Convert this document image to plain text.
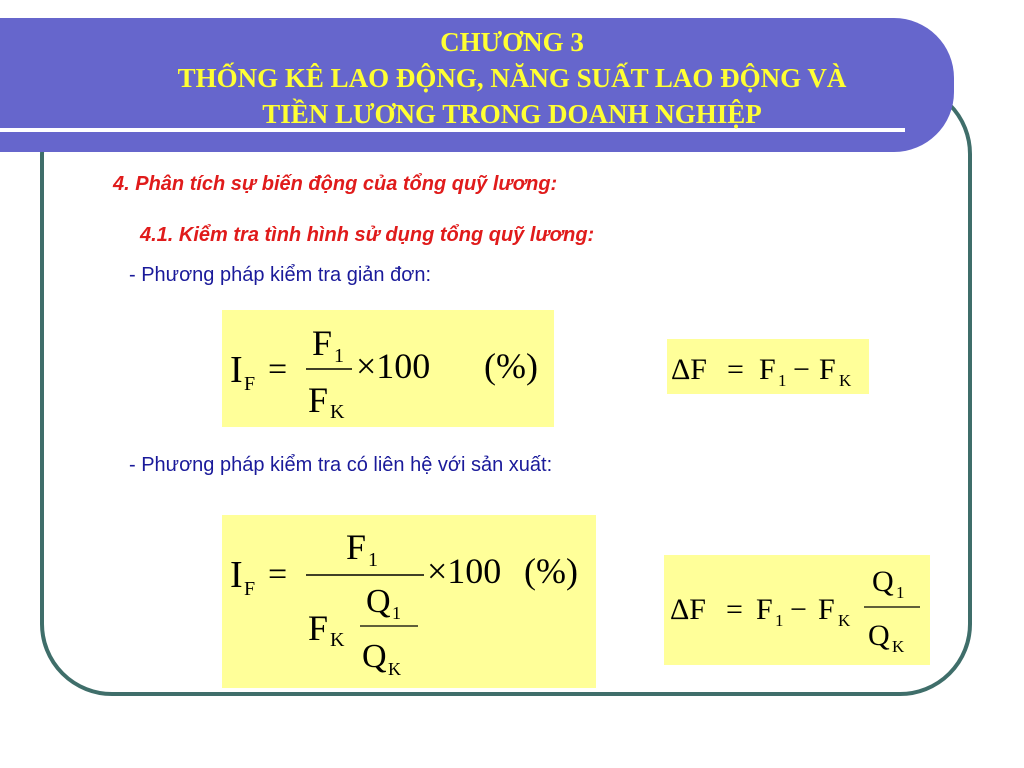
CHƯƠNG 3
THỐNG KÊ LAO ĐỘNG, NĂNG SUẤT LAO ĐỘNG VÀ
TIỀN LƯƠNG TRONG DOANH NGHIỆP
4. Phân tích sự biến động của tổng quỹ lương:
4.1. Kiểm tra tình hình sử dụng tổng quỹ lương:
- Phương pháp kiểm tra giản đơn:
- Phương pháp kiểm tra có liên hệ với sản xuất:
I F =
F 1
F K
×100 (%)	ΔF = F 1 − F K
I F =
F 1
F K
Q 1
Q K
×100 (%)
ΔF = F 1 − F K
Q 1
Q K
